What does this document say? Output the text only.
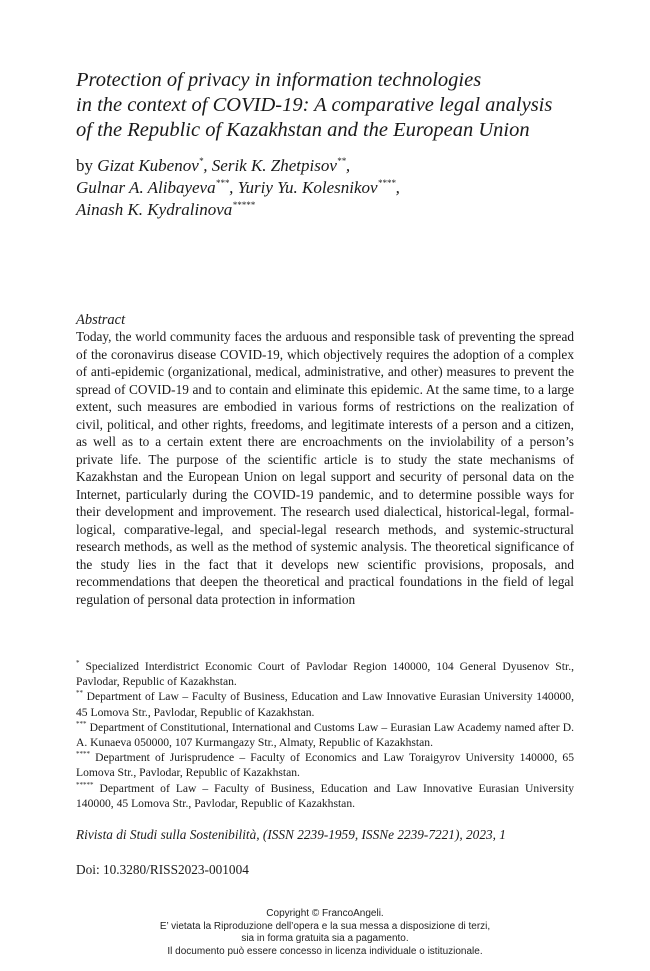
Protection of privacy in information technologies
in the context of COVID-19: A comparative legal analysis
of the Republic of Kazakhstan and the European Union
by Gizat Kubenov*, Serik K. Zhetpisov**,
Gulnar A. Alibayeva***, Yuriy Yu. Kolesnikov****,
Ainash K. Kydralinova*****
Abstract
Today, the world community faces the arduous and responsible task of preventing the spread of the coronavirus disease COVID-19, which objectively requires the adoption of a complex of anti-epidemic (organizational, medical, administrative, and other) measures to prevent the spread of COVID-19 and to contain and eliminate this epidemic. At the same time, to a large extent, such measures are embodied in various forms of restrictions on the realization of civil, political, and other rights, freedoms, and legitimate interests of a person and a citizen, as well as to a certain extent there are encroachments on the inviolability of a person’s private life. The purpose of the scientific article is to study the state mechanisms of Kazakhstan and the European Union on legal support and security of personal data on the Internet, particularly during the COVID-19 pandemic, and to determine possible ways for their development and improvement. The research used dialectical, historical-legal, formal-logical, comparative-legal, and special-legal research methods, and systemic-structural research methods, as well as the method of systemic analysis. The theoretical significance of the study lies in the fact that it develops new scientific provisions, proposals, and recommendations that deepen the theoretical and practical foundations in the field of legal regulation of personal data protection in information

* Specialized Interdistrict Economic Court of Pavlodar Region 140000, 104 General Dyusenov Str., Pavlodar, Republic of Kazakhstan.

** Department of Law – Faculty of Business, Education and Law Innovative Eurasian University 140000, 45 Lomova Str., Pavlodar, Republic of Kazakhstan.

*** Department of Constitutional, International and Customs Law – Eurasian Law Academy named after D. A. Kunaeva 050000, 107 Kurmangazy Str., Almaty, Republic of Kazakhstan.

**** Department of Jurisprudence – Faculty of Economics and Law Toraigyrov University 140000, 65 Lomova Str., Pavlodar, Republic of Kazakhstan.

***** Department of Law – Faculty of Business, Education and Law Innovative Eurasian University 140000, 45 Lomova Str., Pavlodar, Republic of Kazakhstan.

Rivista di Studi sulla Sostenibilità, (ISSN 2239-1959, ISSNe 2239-7221), 2023, 1
Doi: 10.3280/RISS2023-001004
Copyright © FrancoAngeli.
E’ vietata la Riproduzione dell’opera e la sua messa a disposizione di terzi,
sia in forma gratuita sia a pagamento.
Il documento può essere concesso in licenza individuale o istituzionale.
